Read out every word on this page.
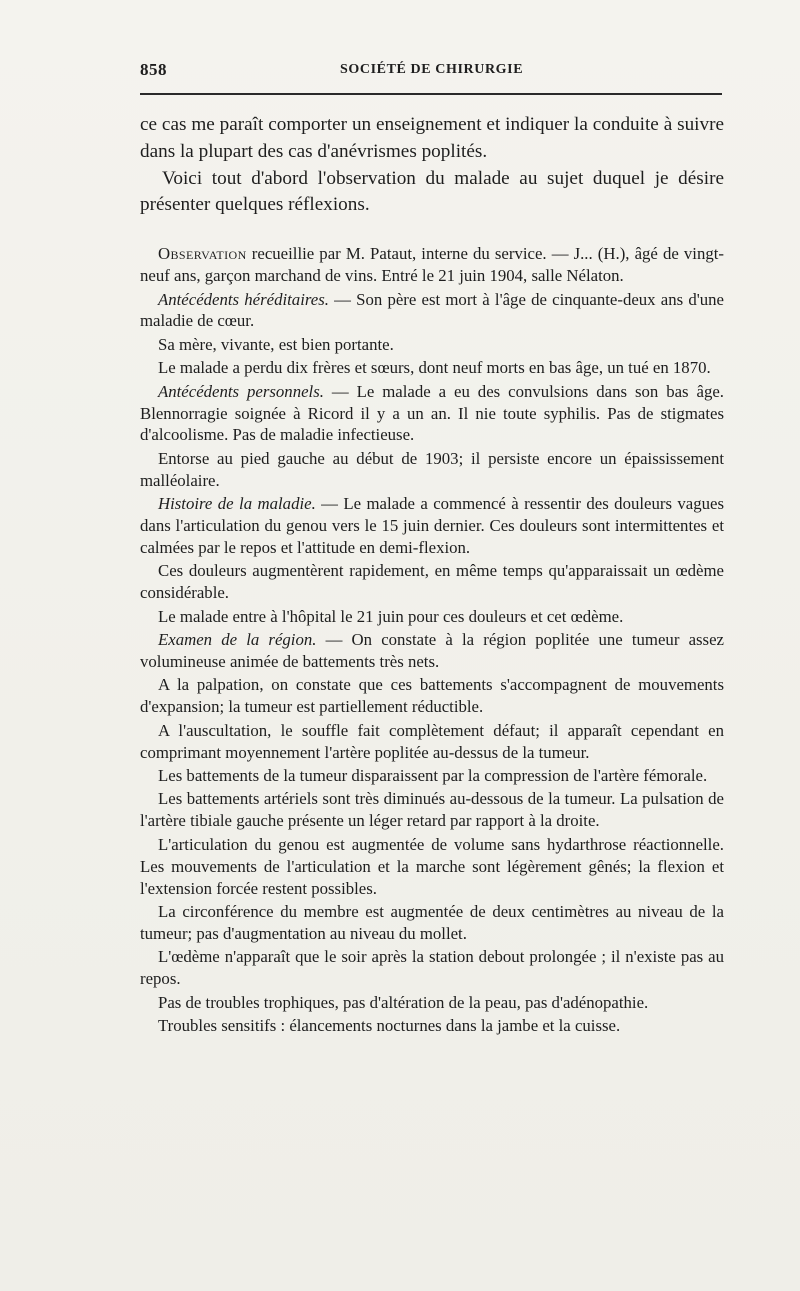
858	SOCIÉTÉ DE CHIRURGIE

ce cas me paraît comporter un enseignement et indiquer la conduite à suivre dans la plupart des cas d'anévrismes poplités.

Voici tout d'abord l'observation du malade au sujet duquel je désire présenter quelques réflexions.

Observation recueillie par M. Pataut, interne du service. — J... (H.), âgé de vingt-neuf ans, garçon marchand de vins. Entré le 21 juin 1904, salle Nélaton.

Antécédents héréditaires. — Son père est mort à l'âge de cinquante-deux ans d'une maladie de cœur.

Sa mère, vivante, est bien portante.

Le malade a perdu dix frères et sœurs, dont neuf morts en bas âge, un tué en 1870.

Antécédents personnels. — Le malade a eu des convulsions dans son bas âge. Blennorragie soignée à Ricord il y a un an. Il nie toute syphilis. Pas de stigmates d'alcoolisme. Pas de maladie infectieuse.

Entorse au pied gauche au début de 1903; il persiste encore un épaississement malléolaire.

Histoire de la maladie. — Le malade a commencé à ressentir des douleurs vagues dans l'articulation du genou vers le 15 juin dernier. Ces douleurs sont intermittentes et calmées par le repos et l'attitude en demi-flexion.

Ces douleurs augmentèrent rapidement, en même temps qu'apparaissait un œdème considérable.

Le malade entre à l'hôpital le 21 juin pour ces douleurs et cet œdème.

Examen de la région. — On constate à la région poplitée une tumeur assez volumineuse animée de battements très nets.

A la palpation, on constate que ces battements s'accompagnent de mouvements d'expansion; la tumeur est partiellement réductible.

A l'auscultation, le souffle fait complètement défaut; il apparaît cependant en comprimant moyennement l'artère poplitée au-dessus de la tumeur.

Les battements de la tumeur disparaissent par la compression de l'artère fémorale.

Les battements artériels sont très diminués au-dessous de la tumeur. La pulsation de l'artère tibiale gauche présente un léger retard par rapport à la droite.

L'articulation du genou est augmentée de volume sans hydarthrose réactionnelle. Les mouvements de l'articulation et la marche sont légèrement gênés; la flexion et l'extension forcée restent possibles.

La circonférence du membre est augmentée de deux centimètres au niveau de la tumeur; pas d'augmentation au niveau du mollet.

L'œdème n'apparaît que le soir après la station debout prolongée ; il n'existe pas au repos.

Pas de troubles trophiques, pas d'altération de la peau, pas d'adénopathie.

Troubles sensitifs : élancements nocturnes dans la jambe et la cuisse.
